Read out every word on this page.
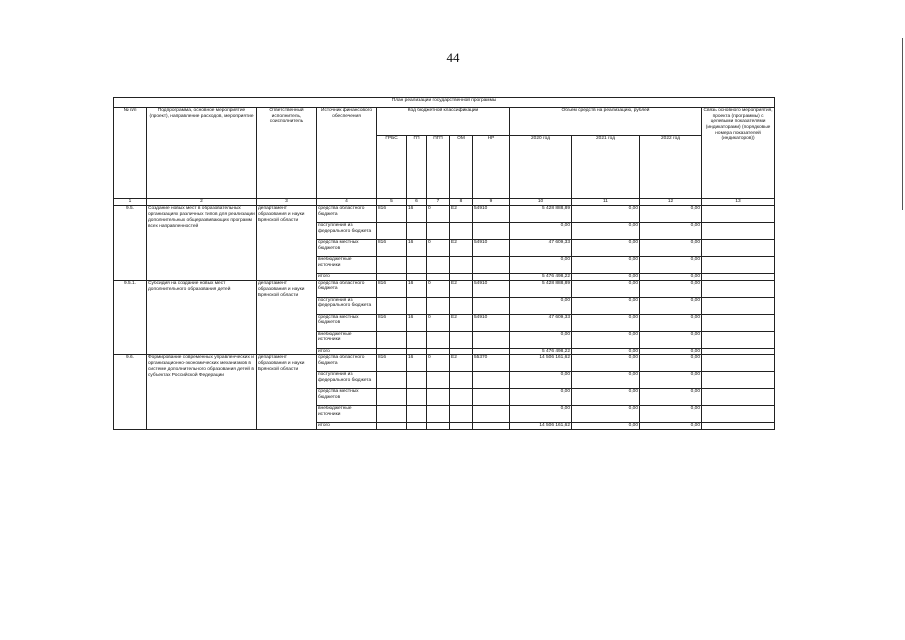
44
План реализации государственной программы												
№ п/п	Подпрограмма, основное мероприятие (проект), направление расходов, мероприятие	Ответственный исполнитель, соисполнитель	Источник финансового обеспечения	Код бюджетной классификации					Объем средств на реализацию, рублей			Связь основного мероприятия, проекта (программы) с целевыми показателями (индикаторами) (порядковые номера показателей (индикаторов))
				ГРБС	ГП	ПГП	ОМ	НР	2020 год	2021 год	2022 год	
1	2	3	4	5	6	7	8	9	10	11	12	13
9.5.	Создание новых мест в образовательных организациях различных типов для реализации дополнительных общеразвивающих программ всех направленностей	департамент образования и науки Брянской области	средства областного бюджета	816	16	0	E2	54910	5 428 888,89	0,00	0,00	
			поступления из федерального бюджета						0,00	0,00	0,00	
			средства местных бюджетов	816	16	0	E2	54910	47 609,33	0,00	0,00	
			внебюджетные источники						0,00	0,00	0,00	
			итого						5 476 498,22	0,00	0,00	
9.5.1.	Субсидия на создание новых мест дополнительного образования детей	департамент образования и науки Брянской области	средства областного бюджета	816	16	0	E2	54910	5 428 888,89	0,00	0,00	
			поступления из федерального бюджета						0,00	0,00	0,00	
			средства местных бюджетов	816	16	0	E2	54910	47 609,33	0,00	0,00	
			внебюджетные источники						0,00	0,00	0,00	
			итого						5 476 498,22	0,00	0,00	
9.6.	Формирование современных управленческих и организационно-экономических механизмов в системе дополнительного образования детей в субъектах Российской Федерации	департамент образования и науки Брянской области	средства областного бюджета	816	16	0	E2	55370	14 506 161,62	0,00	0,00	
			поступления из федерального бюджета						0,00	0,00	0,00	
			средства местных бюджетов						0,00	0,00	0,00	
			внебюджетные источники						0,00	0,00	0,00	
			итого						14 506 161,62	0,00	0,00	
